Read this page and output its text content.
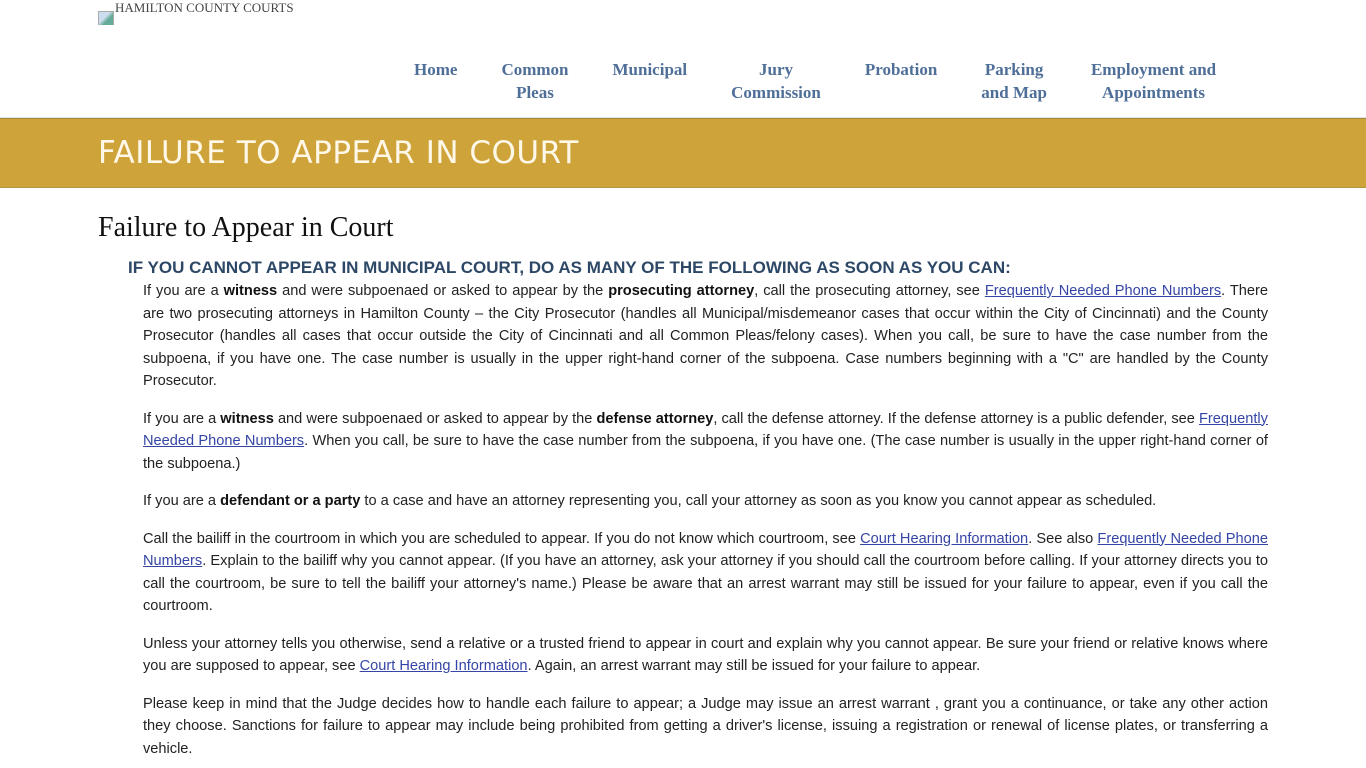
HAMILTON COUNTY COURTS
Home	Common
Pleas
Municipal	Jury
Commission
Probation	Parking
and Map
Employment and
Appointments
FAILURE TO APPEAR IN COURT
Failure to Appear in Court
IF YOU CANNOT APPEAR IN MUNICIPAL COURT, DO AS MANY OF THE FOLLOWING AS SOON AS YOU CAN:

If you are a witness and were subpoenaed or asked to appear by the prosecuting attorney, call the prosecuting attorney, see Frequently Needed Phone Numbers. There are two prosecuting attorneys in Hamilton County – the City Prosecutor (handles all Municipal/misdemeanor cases that occur within the City of Cincinnati) and the County Prosecutor (handles all cases that occur outside the City of Cincinnati and all Common Pleas/felony cases). When you call, be sure to have the case number from the subpoena, if you have one. The case number is usually in the upper right-hand corner of the subpoena. Case numbers beginning with a "C" are handled by the County Prosecutor.

If you are a witness and were subpoenaed or asked to appear by the defense attorney, call the defense attorney. If the defense attorney is a public defender, see Frequently Needed Phone Numbers. When you call, be sure to have the case number from the subpoena, if you have one. (The case number is usually in the upper right-hand corner of the subpoena.)

If you are a defendant or a party to a case and have an attorney representing you, call your attorney as soon as you know you cannot appear as scheduled.

Call the bailiff in the courtroom in which you are scheduled to appear. If you do not know which courtroom, see Court Hearing Information. See also Frequently Needed Phone Numbers. Explain to the bailiff why you cannot appear. (If you have an attorney, ask your attorney if you should call the courtroom before calling. If your attorney directs you to call the courtroom, be sure to tell the bailiff your attorney's name.) Please be aware that an arrest warrant may still be issued for your failure to appear, even if you call the courtroom.

Unless your attorney tells you otherwise, send a relative or a trusted friend to appear in court and explain why you cannot appear. Be sure your friend or relative knows where you are supposed to appear, see Court Hearing Information. Again, an arrest warrant may still be issued for your failure to appear.

Please keep in mind that the Judge decides how to handle each failure to appear; a Judge may issue an arrest warrant , grant you a continuance, or take any other action they choose. Sanctions for failure to appear may include being prohibited from getting a driver's license, issuing a registration or renewal of license plates, or transferring a vehicle.
